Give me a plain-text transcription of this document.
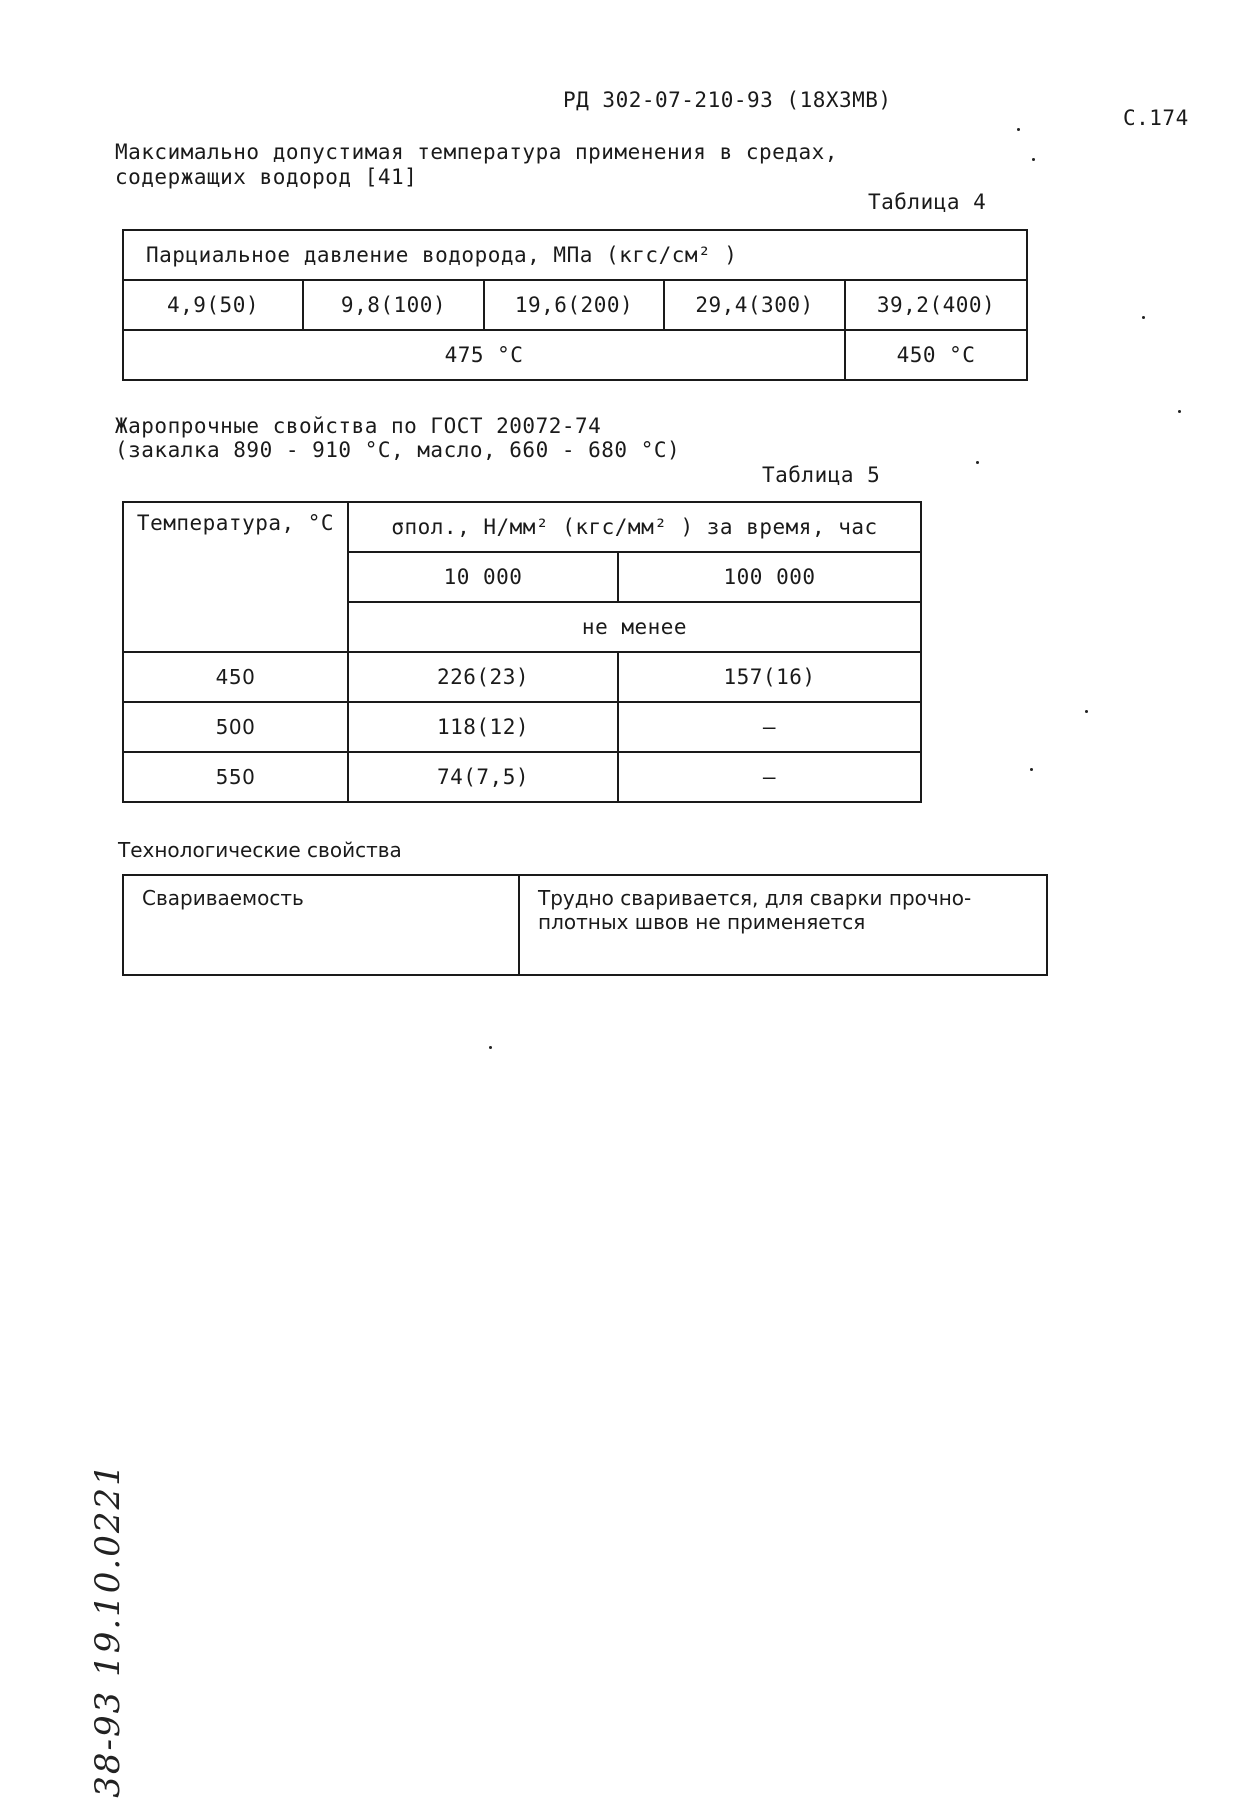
РД 302-07-210-93 (18Х3МВ)
С.174
Максимально допустимая температура применения в средах,
содержащих водород [41]
Таблица 4
Парциальное давление водорода, МПа (кгс/см² )				
4,9(50)	9,8(100)	19,6(200)	29,4(300)	39,2(400)
475 °С				450 °С
Жаропрочные свойства по ГОСТ 20072-74
(закалка 890 - 910 °С, масло, 660 - 680 °С)
Таблица 5
Температура, °С	σпол., Н/мм² (кгс/мм² ) за время, час	
	10 000	100 000
	не менее	
450	226(23)	157(16)
500	118(12)	–
550	74(7,5)	–
Технологические свойства
Свариваемость	Трудно сваривается, для сварки прочно-плотных швов не применяется
38-93 19.10.0221
